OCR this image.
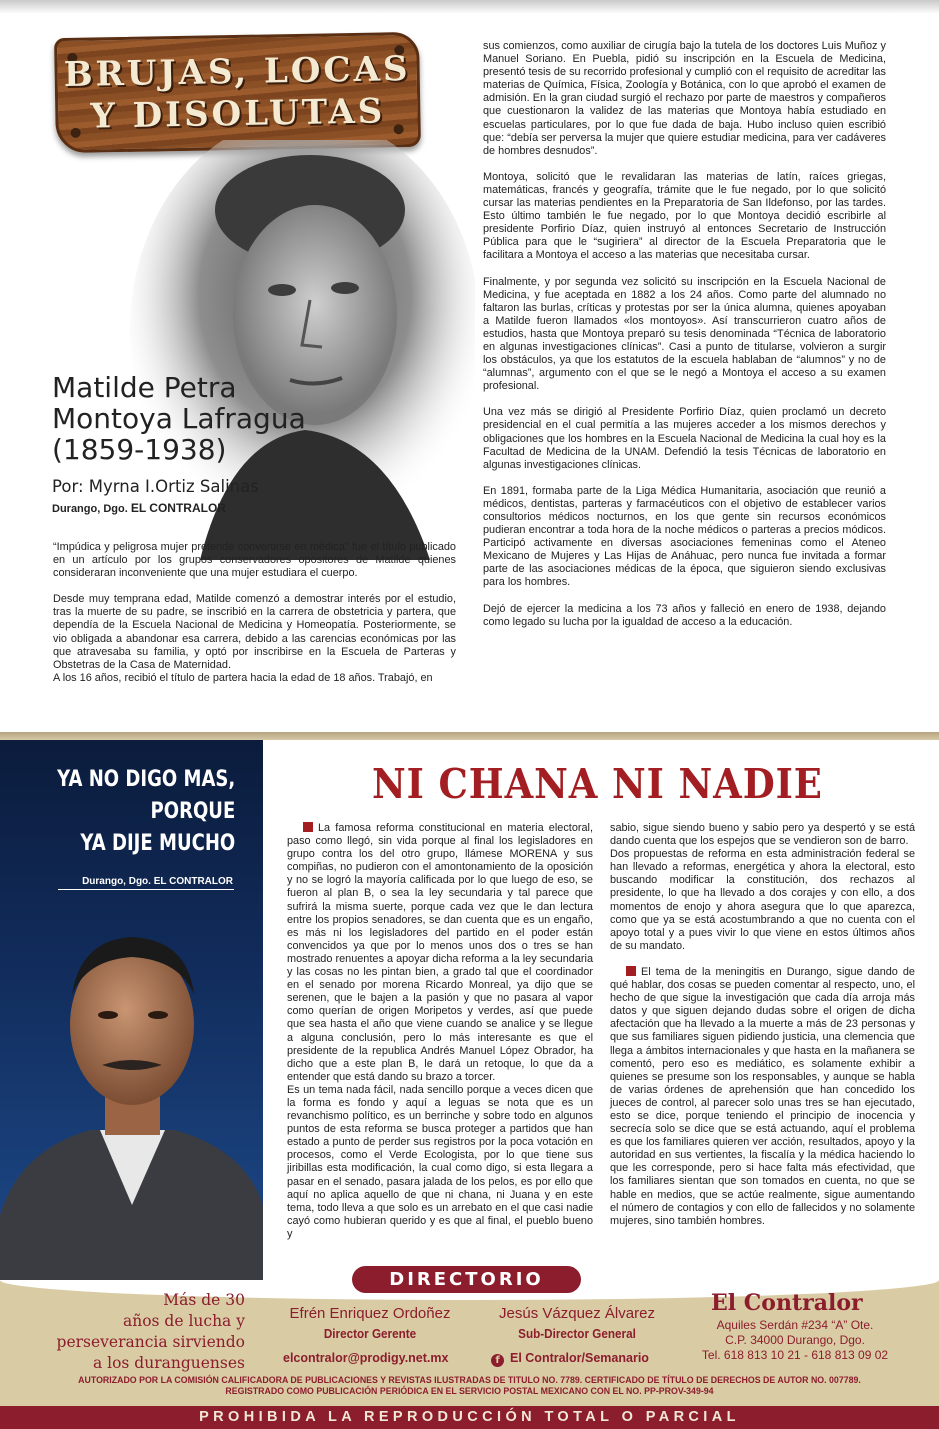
BRUJAS, LOCAS
Y DISOLUTAS
Matilde Petra
Montoya Lafragua
(1859-1938)
Por: Myrna I.Ortiz Salinas
Durango, Dgo. EL CONTRALOR

“Impúdica y peligrosa mujer pretende convertirse en médica” fue el título publicado en un artículo por los grupos conservadores opositores de Matilde quienes consideraran inconveniente que una mujer estudiara el cuerpo.

Desde muy temprana edad, Matilde comenzó a demostrar interés por el estudio, tras la muerte de su padre, se inscribió en la carrera de obstetricia y partera, que dependía de la Escuela Nacional de Medicina y Homeopatía. Posteriormente, se vio obligada a abandonar esa carrera, debido a las carencias económicas por las que atravesaba su familia, y optó por inscribirse en la Escuela de Parteras y Obstetras de la Casa de Maternidad.

A los 16 años, recibió el título de partera hacia la edad de 18 años. Trabajó, en

sus comienzos, como auxiliar de cirugía bajo la tutela de los doctores Luis Muñoz y Manuel Soriano. En Puebla, pidió su inscripción en la Escuela de Medicina, presentó tesis de su recorrido profesional y cumplió con el requisito de acreditar las materias de Química, Física, Zoología y Botánica, con lo que aprobó el examen de admisión. En la gran ciudad surgió el rechazo por parte de maestros y compañeros que cuestionaron la validez de las materias que Montoya había estudiado en escuelas particulares, por lo que fue dada de baja. Hubo incluso quien escribió que: “debía ser perversa la mujer que quiere estudiar medicina, para ver cadáveres de hombres desnudos”.

Montoya, solicitó que le revalidaran las materias de latín, raíces griegas, matemáticas, francés y geografía, trámite que le fue negado, por lo que solicitó cursar las materias pendientes en la Preparatoria de San Ildefonso, por las tardes. Esto último también le fue negado, por lo que Montoya decidió escribirle al presidente Porfirio Díaz, quien instruyó al entonces Secretario de Instrucción Pública para que le “sugiriera” al director de la Escuela Preparatoria que le facilitara a Montoya el acceso a las materias que necesitaba cursar.

Finalmente, y por segunda vez solicitó su inscripción en la Escuela Nacional de Medicina, y fue aceptada en 1882 a los 24 años. Como parte del alumnado no faltaron las burlas, críticas y protestas por ser la única alumna, quienes apoyaban a Matilde fueron llamados «los montoyos». Así transcurrieron cuatro años de estudios, hasta que Montoya preparó su tesis denominada “Técnica de laboratorio en algunas investigaciones clínicas”. Casi a punto de titularse, volvieron a surgir los obstáculos, ya que los estatutos de la escuela hablaban de “alumnos” y no de “alumnas”, argumento con el que se le negó a Montoya el acceso a su examen profesional.

Una vez más se dirigió al Presidente Porfirio Díaz, quien proclamó un decreto presidencial en el cual permitía a las mujeres acceder a los mismos derechos y obligaciones que los hombres en la Escuela Nacional de Medicina la cual hoy es la Facultad de Medicina de la UNAM. Defendió la tesis Técnicas de laboratorio en algunas investigaciones clínicas.

En 1891, formaba parte de la Liga Médica Humanitaria, asociación que reunió a médicos, dentistas, parteras y farmacéuticos con el objetivo de establecer varios consultorios médicos nocturnos, en los que gente sin recursos económicos pudieran encontrar a toda hora de la noche médicos o parteras a precios módicos. Participó activamente en diversas asociaciones femeninas como el Ateneo Mexicano de Mujeres y Las Hijas de Anáhuac, pero nunca fue invitada a formar parte de las asociaciones médicas de la época, que siguieron siendo exclusivas para los hombres.

Dejó de ejercer la medicina a los 73 años y falleció en enero de 1938, dejando como legado su lucha por la igualdad de acceso a la educación.

YA NO DIGO MAS,
PORQUE
YA DIJE MUCHO
Durango, Dgo. EL CONTRALOR
NI CHANA NI NADIE

La famosa reforma constitucional en materia electoral, paso como llegó, sin vida porque al final los legisladores en grupo contra los del otro grupo, llámese MORENA y sus compiñas, no pudieron con el amontonamiento de la oposición y no se logró la mayoría calificada por lo que luego de eso, se fueron al plan B, o sea la ley secundaria y tal parece que sufrirá la misma suerte, porque cada vez que le dan lectura entre los propios senadores, se dan cuenta que es un engaño, es más ni los legisladores del partido en el poder están convencidos ya que por lo menos unos dos o tres se han mostrado renuentes a apoyar dicha reforma a la ley secundaria y las cosas no les pintan bien, a grado tal que el coordinador en el senado por morena Ricardo Monreal, ya dijo que se serenen, que le bajen a la pasión y que no pasara al vapor como querían de origen Moripetos y verdes, así que puede que sea hasta el año que viene cuando se analice y se llegue a alguna conclusión, pero lo más interesante es que el presidente de la republica Andrés Manuel López Obrador, ha dicho que a este plan B, le dará un retoque, lo que da a entender que está dando su brazo a torcer.

Es un tema nada fácil, nada sencillo porque a veces dicen que la forma es fondo y aquí a leguas se nota que es un revanchismo político, es un berrinche y sobre todo en algunos puntos de esta reforma se busca proteger a partidos que han estado a punto de perder sus registros por la poca votación en procesos, como el Verde Ecologista, por lo que tiene sus jiribillas esta modificación, la cual como digo, si esta llegara a pasar en el senado, pasara jalada de los pelos, es por ello que aquí no aplica aquello de que ni chana, ni Juana y en este tema, todo lleva a que solo es un arrebato en el que casi nadie cayó como hubieran querido y es que al final, el pueblo bueno y

sabio, sigue siendo bueno y sabio pero ya despertó y se está dando cuenta que los espejos que se vendieron son de barro.

Dos propuestas de reforma en esta administración federal se han llevado a reformas, energética y ahora la electoral, esto buscando modificar la constitución, dos rechazos al presidente, lo que ha llevado a dos corajes y con ello, a dos momentos de enojo y ahora asegura que lo que aparezca, como que ya se está acostumbrando a que no cuenta con el apoyo total y a pues vivir lo que viene en estos últimos años de su mandato.

El tema de la meningitis en Durango, sigue dando de qué hablar, dos cosas se pueden comentar al respecto, uno, el hecho de que sigue la investigación que cada día arroja más datos y que siguen dejando dudas sobre el origen de dicha afectación que ha llevado a la muerte a más de 23 personas y que sus familiares siguen pidiendo justicia, una clemencia que llega a ámbitos internacionales y que hasta en la mañanera se comentó, pero eso es mediático, es solamente exhibir a quienes se presume son los responsables, y aunque se habla de varias órdenes de aprehensión que han concedido los jueces de control, al parecer solo unas tres se han ejecutado, esto se dice, porque teniendo el principio de inocencia y secrecía solo se dice que se está actuando, aquí el problema es que los familiares quieren ver acción, resultados, apoyo y la autoridad en sus vertientes, la fiscalía y la médica haciendo lo que les corresponde, pero si hace falta más efectividad, que los familiares sientan que son tomados en cuenta, no que se hable en medios, que se actúe realmente, sigue aumentando el número de contagios y con ello de fallecidos y no solamente mujeres, sino también hombres.

DIRECTORIO
Más de 30
años de lucha y
perseverancia sirviendo
a los duranguenses
Efrén Enriquez Ordoñez
Director Gerente
Jesús Vázquez Álvarez
Sub-Director General
elcontralor@prodigy.net.mx	f El Contralor/Semanario
El Contralor
Aquiles Serdán #234 “A” Ote.
C.P. 34000 Durango, Dgo.
Tel. 618 813 10 21 - 618 813 09 02
AUTORIZADO POR LA COMISIÓN CALIFICADORA DE PUBLICACIONES Y REVISTAS ILUSTRADAS DE TITULO NO. 7789. CERTIFICADO DE TÍTULO DE DERECHOS DE AUTOR NO. 007789.
REGISTRADO COMO PUBLICACIÓN PERIÓDICA EN EL SERVICIO POSTAL MEXICANO CON EL NO. PP-PROV-349-94
PROHIBIDA LA REPRODUCCIÓN TOTAL O PARCIAL
